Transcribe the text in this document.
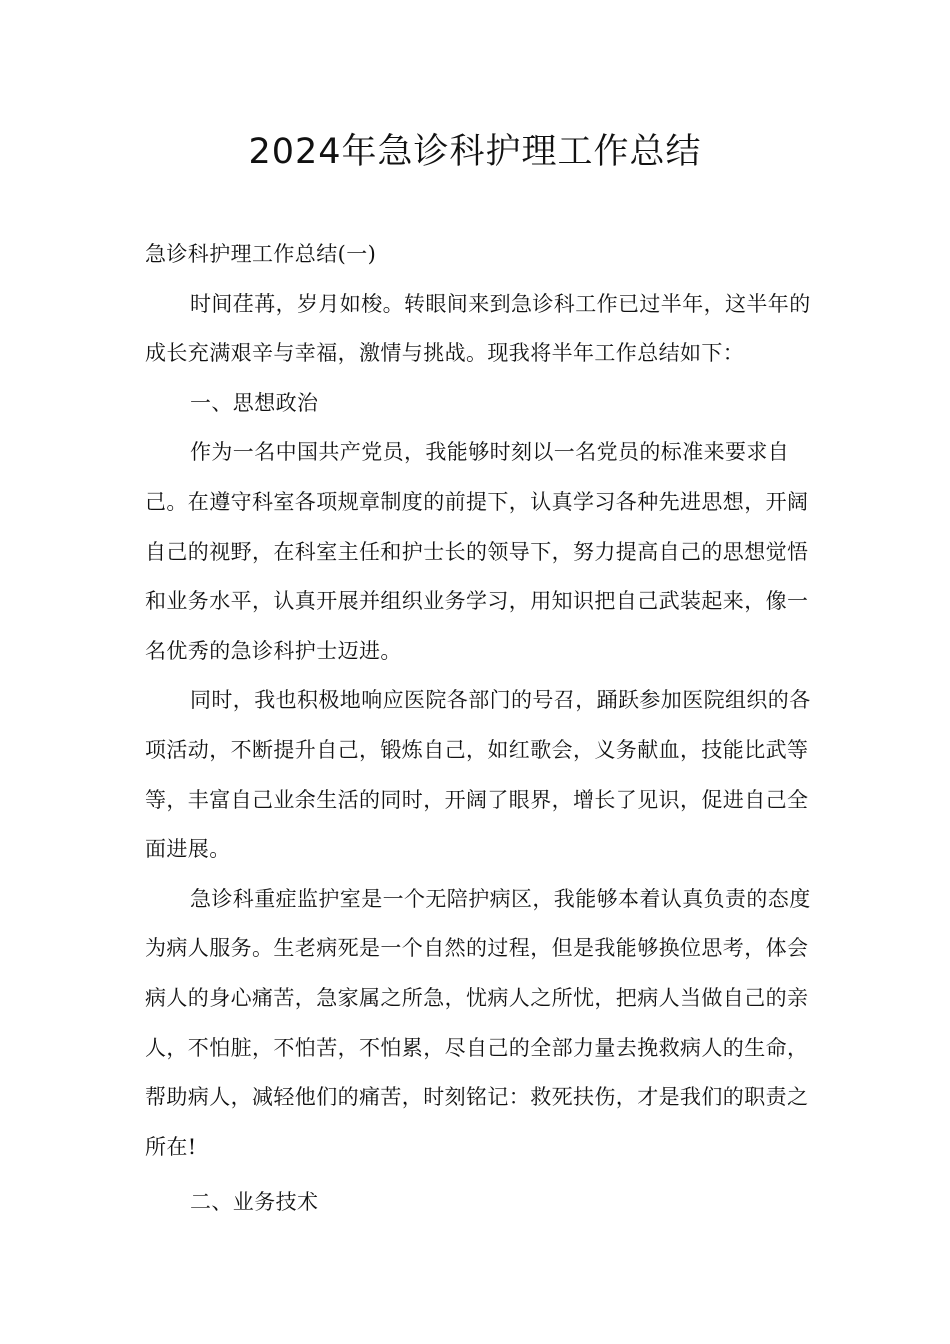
2024年急诊科护理工作总结

急诊科护理工作总结(一)

时间荏苒，岁月如梭。转眼间来到急诊科工作已过半年，这半年的成长充满艰辛与幸福，激情与挑战。现我将半年工作总结如下：

一、思想政治

作为一名中国共产党员，我能够时刻以一名党员的标准来要求自己。在遵守科室各项规章制度的前提下，认真学习各种先进思想，开阔自己的视野，在科室主任和护士长的领导下，努力提高自己的思想觉悟和业务水平，认真开展并组织业务学习，用知识把自己武装起来，像一名优秀的急诊科护士迈进。

同时，我也积极地响应医院各部门的号召，踊跃参加医院组织的各项活动，不断提升自己，锻炼自己，如红歌会，义务献血，技能比武等等，丰富自己业余生活的同时，开阔了眼界，增长了见识，促进自己全面进展。

急诊科重症监护室是一个无陪护病区，我能够本着认真负责的态度为病人服务。生老病死是一个自然的过程，但是我能够换位思考，体会病人的身心痛苦，急家属之所急，忧病人之所忧，把病人当做自己的亲人，不怕脏，不怕苦，不怕累，尽自己的全部力量去挽救病人的生命，帮助病人，减轻他们的痛苦，时刻铭记：救死扶伤，才是我们的职责之所在!

二、业务技术
